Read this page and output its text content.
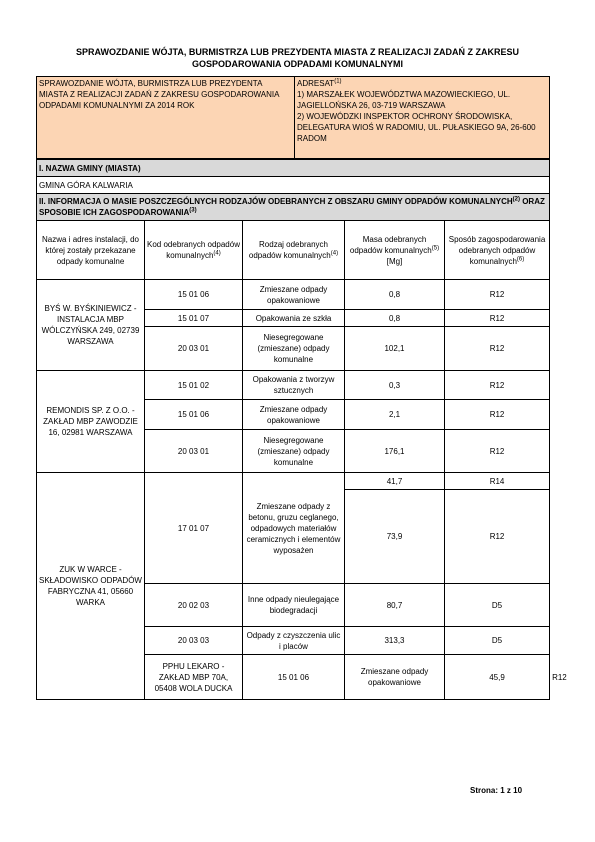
SPRAWOZDANIE WÓJTA, BURMISTRZA LUB PREZYDENTA MIASTA Z REALIZACJI ZADAŃ Z ZAKRESU GOSPODAROWANIA ODPADAMI KOMUNALNYMI
SPRAWOZDANIE WÓJTA, BURMISTRZA LUB PREZYDENTA MIASTA Z REALIZACJI ZADAŃ Z ZAKRESU GOSPODAROWANIA ODPADAMI KOMUNALNYMI ZA 2014 ROK	ADRESAT$^{(1)}$
1) MARSZAŁEK WOJEWÓDZTWA MAZOWIECKIEGO, UL. JAGIELLOŃSKA 26, 03-719 WARSZAWA
2) WOJEWÓDZKI INSPEKTOR OCHRONY ŚRODOWISKA, DELEGATURA WIOŚ W RADOMIU, UL. PUŁASKIEGO 9A, 26-600 RADOM
I. NAZWA GMINY (MIASTA)					
GMINA GÓRA KALWARIA					
II. INFORMACJA O MASIE POSZCZEGÓLNYCH RODZAJÓW ODEBRANYCH Z OBSZARU GMINY ODPADÓW KOMUNALNYCH$^{(2)}$ ORAZ SPOSOBIE ICH ZAGOSPODAROWANIA$^{(3)}$
Nazwa i adres instalacji, do której zostały przekazane odpady komunalne	Kod odebranych odpadów komunalnych$^{(4)}$	Rodzaj odebranych odpadów komunalnych$^{(4)}$	Masa odebranych odpadów komunalnych$^{(5)}$ [Mg]	Sposób zagospodarowania odebranych odpadów komunalnych$^{(6)}$
BYŚ W. BYŚKINIEWICZ - INSTALACJA MBP WÓLCZYŃSKA 249, 02739 WARSZAWA	15 01 06	Zmieszane odpady opakowaniowe	0,8	R12	
	15 01 07	Opakowania ze szkła	0,8	R12	
	20 03 01	Niesegregowane (zmieszane) odpady komunalne	102,1	R12	
REMONDIS SP. Z O.O. - ZAKŁAD MBP ZAWODZIE 16, 02981 WARSZAWA	15 01 02	Opakowania z tworzyw sztucznych	0,3	R12	
	15 01 06	Zmieszane odpady opakowaniowe	2,1	R12	
	20 03 01	Niesegregowane (zmieszane) odpady komunalne	176,1	R12	
ZUK W WARCE - SKŁADOWISKO ODPADÓW FABRYCZNA 41, 05660 WARKA	17 01 07	Zmieszane odpady z betonu, gruzu ceglanego, odpadowych materiałów ceramicznych i elementów wyposażen	41,7	R14	
			73,9	R12	
	20 02 03	Inne odpady nieulegające biodegradacji	80,7	D5	
	20 03 03	Odpady z czyszczenia ulic i placów	313,3	D5	
	PPHU LEKARO - ZAKŁAD MBP 70A, 05408 WOLA DUCKA	15 01 06	Zmieszane odpady opakowaniowe	45,9	R12
Strona: 1 z 10
